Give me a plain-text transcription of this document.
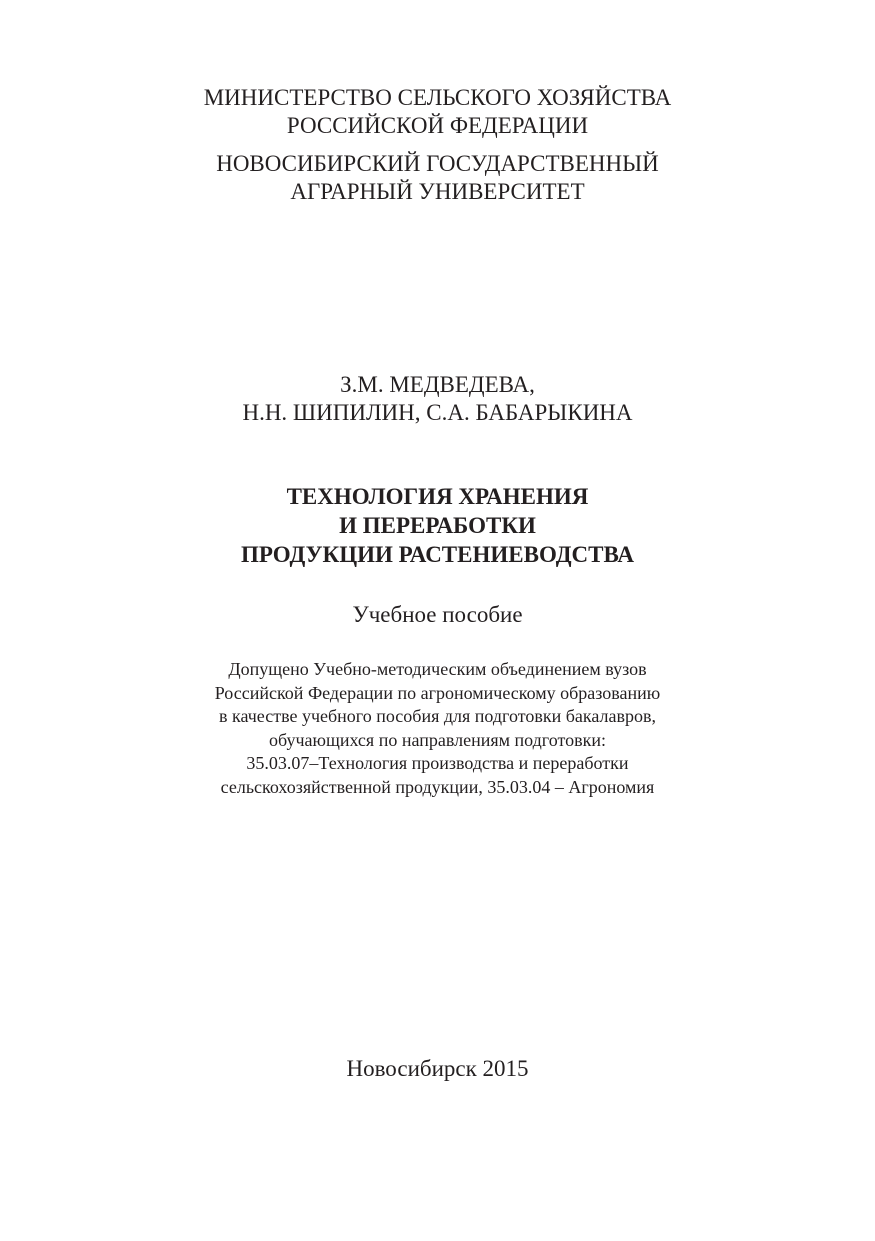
МИНИСТЕРСТВО СЕЛЬСКОГО ХОЗЯЙСТВА
РОССИЙСКОЙ ФЕДЕРАЦИИ
НОВОСИБИРСКИЙ ГОСУДАРСТВЕННЫЙ
АГРАРНЫЙ УНИВЕРСИТЕТ
З.М. МЕДВЕДЕВА,
Н.Н. ШИПИЛИН, С.А. БАБАРЫКИНА
ТЕХНОЛОГИЯ ХРАНЕНИЯ
И ПЕРЕРАБОТКИ
ПРОДУКЦИИ РАСТЕНИЕВОДСТВА
Учебное пособие
Допущено Учебно-методическим объединением вузов
Российской Федерации по агрономическому образованию
в качестве учебного пособия для подготовки бакалавров,
обучающихся по направлениям подготовки:
35.03.07–Технология производства и переработки
сельскохозяйственной продукции, 35.03.04 – Агрономия
Новосибирск 2015
